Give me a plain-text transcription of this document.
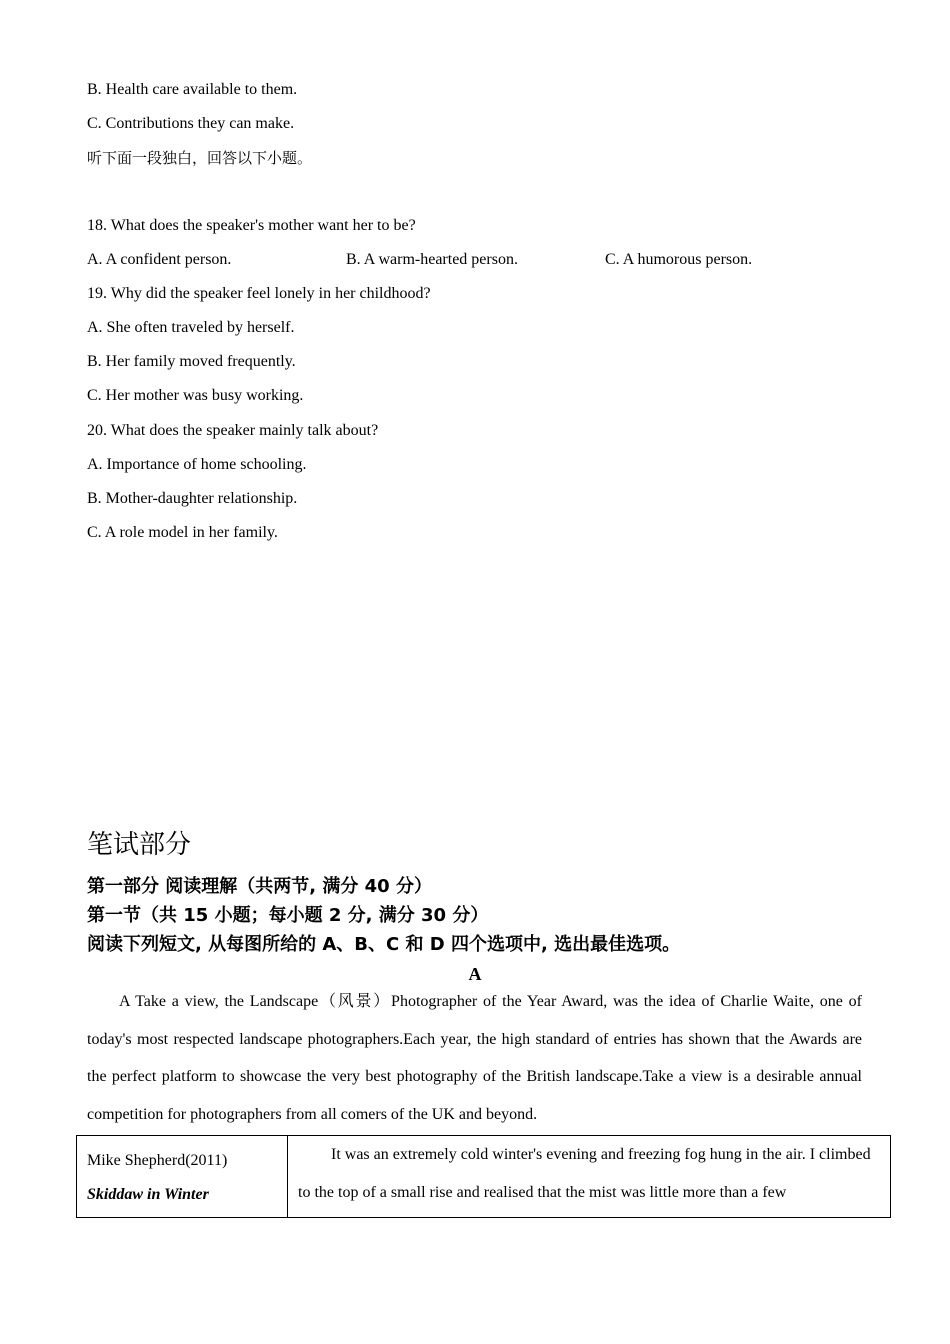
B. Health care available to them.
C. Contributions they can make.
听下面一段独白，回答以下小题。
18. What does the speaker's mother want her to be?
A. A confident person.	B. A warm-hearted person.	C. A humorous person.
19. Why did the speaker feel lonely in her childhood?
A. She often traveled by herself.
B. Her family moved frequently.
C. Her mother was busy working.
20. What does the speaker mainly talk about?
A. Importance of home schooling.
B. Mother-daughter relationship.
C. A role model in her family.
笔试部分
第一部分 阅读理解（共两节, 满分 40 分）
第一节（共 15 小题；每小题 2 分, 满分 30 分）
阅读下列短文, 从每图所给的 A、B、C 和 D 四个选项中, 选出最佳选项。
A
A Take a view, the Landscape（风景）Photographer of the Year Award, was the idea of Charlie Waite, one of today's most respected landscape photographers.Each year, the high standard of entries has shown that the Awards are the perfect platform to showcase the very best photography of the British landscape.Take a view is a desirable annual competition for photographers from all comers of the UK and beyond.
Mike Shepherd(2011)
Skiddaw in Winter
	It was an extremely cold winter's evening and freezing fog hung in the air. I climbed to the top of a small rise and realised that the mist was little more than a few
